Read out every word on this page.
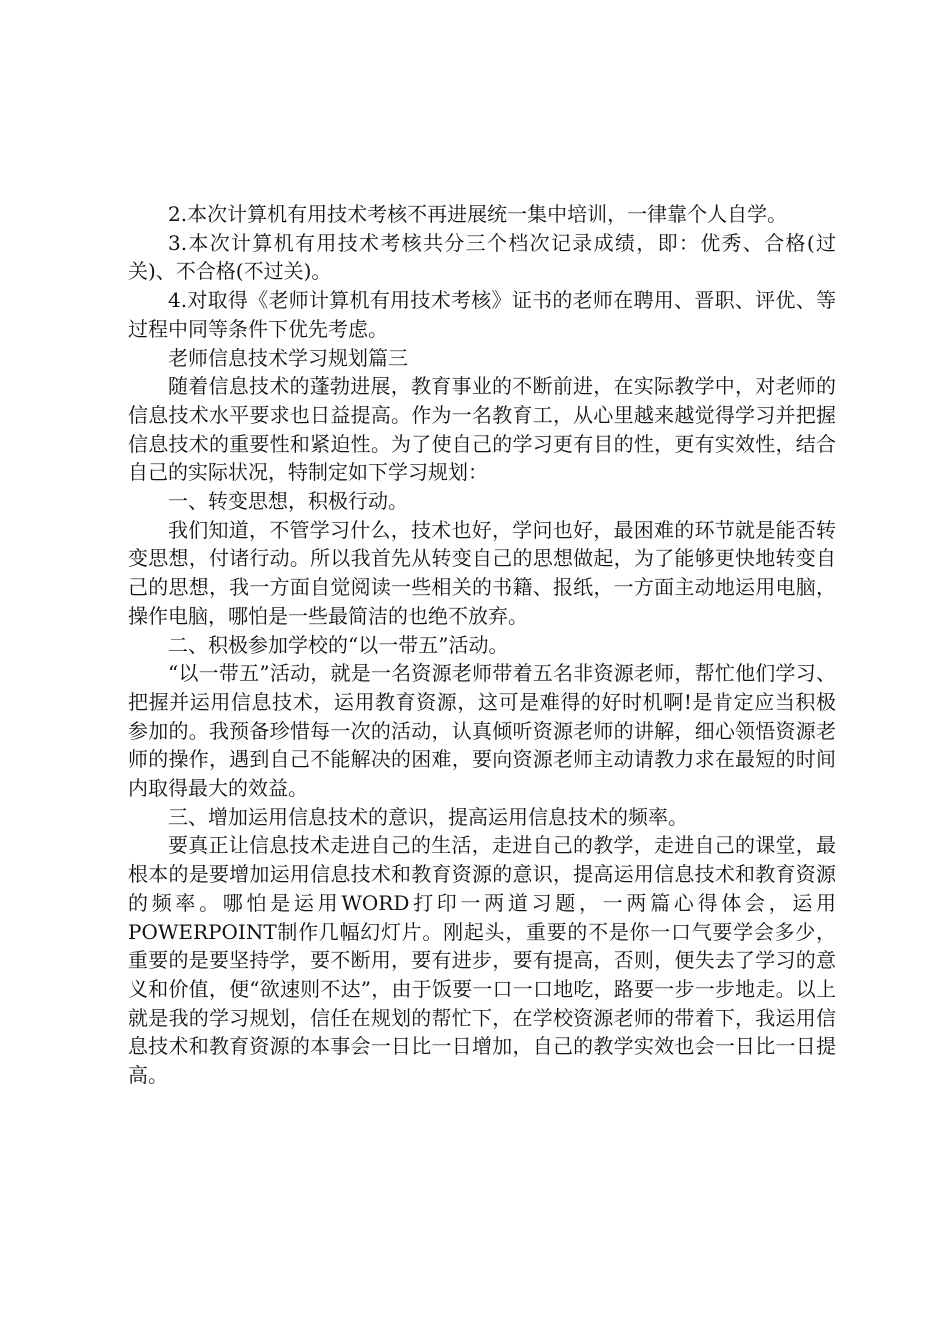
2.本次计算机有用技术考核不再进展统一集中培训，一律靠个人自学。

3.本次计算机有用技术考核共分三个档次记录成绩，即：优秀、合格(过关)、不合格(不过关)。

4.对取得《老师计算机有用技术考核》证书的老师在聘用、晋职、评优、等过程中同等条件下优先考虑。

老师信息技术学习规划篇三

随着信息技术的蓬勃进展，教育事业的不断前进，在实际教学中，对老师的信息技术水平要求也日益提高。作为一名教育工，从心里越来越觉得学习并把握信息技术的重要性和紧迫性。为了使自己的学习更有目的性，更有实效性，结合自己的实际状况，特制定如下学习规划：

一、转变思想，积极行动。

我们知道，不管学习什么，技术也好，学问也好，最困难的环节就是能否转变思想，付诸行动。所以我首先从转变自己的思想做起，为了能够更快地转变自己的思想，我一方面自觉阅读一些相关的书籍、报纸，一方面主动地运用电脑，操作电脑，哪怕是一些最简洁的也绝不放弃。

二、积极参加学校的“以一带五”活动。

“以一带五”活动，就是一名资源老师带着五名非资源老师，帮忙他们学习、把握并运用信息技术，运用教育资源，这可是难得的好时机啊!是肯定应当积极参加的。我预备珍惜每一次的活动，认真倾听资源老师的讲解，细心领悟资源老师的操作，遇到自己不能解决的困难，要向资源老师主动请教力求在最短的时间内取得最大的效益。

三、增加运用信息技术的意识，提高运用信息技术的频率。

要真正让信息技术走进自己的生活，走进自己的教学，走进自己的课堂，最根本的是要增加运用信息技术和教育资源的意识，提高运用信息技术和教育资源的频率。哪怕是运用WORD打印一两道习题，一两篇心得体会，运用POWERPOINT制作几幅幻灯片。刚起头，重要的不是你一口气要学会多少，重要的是要坚持学，要不断用，要有进步，要有提高，否则，便失去了学习的意义和价值，便“欲速则不达”，由于饭要一口一口地吃，路要一步一步地走。以上就是我的学习规划，信任在规划的帮忙下，在学校资源老师的带着下，我运用信息技术和教育资源的本事会一日比一日增加，自己的教学实效也会一日比一日提高。
